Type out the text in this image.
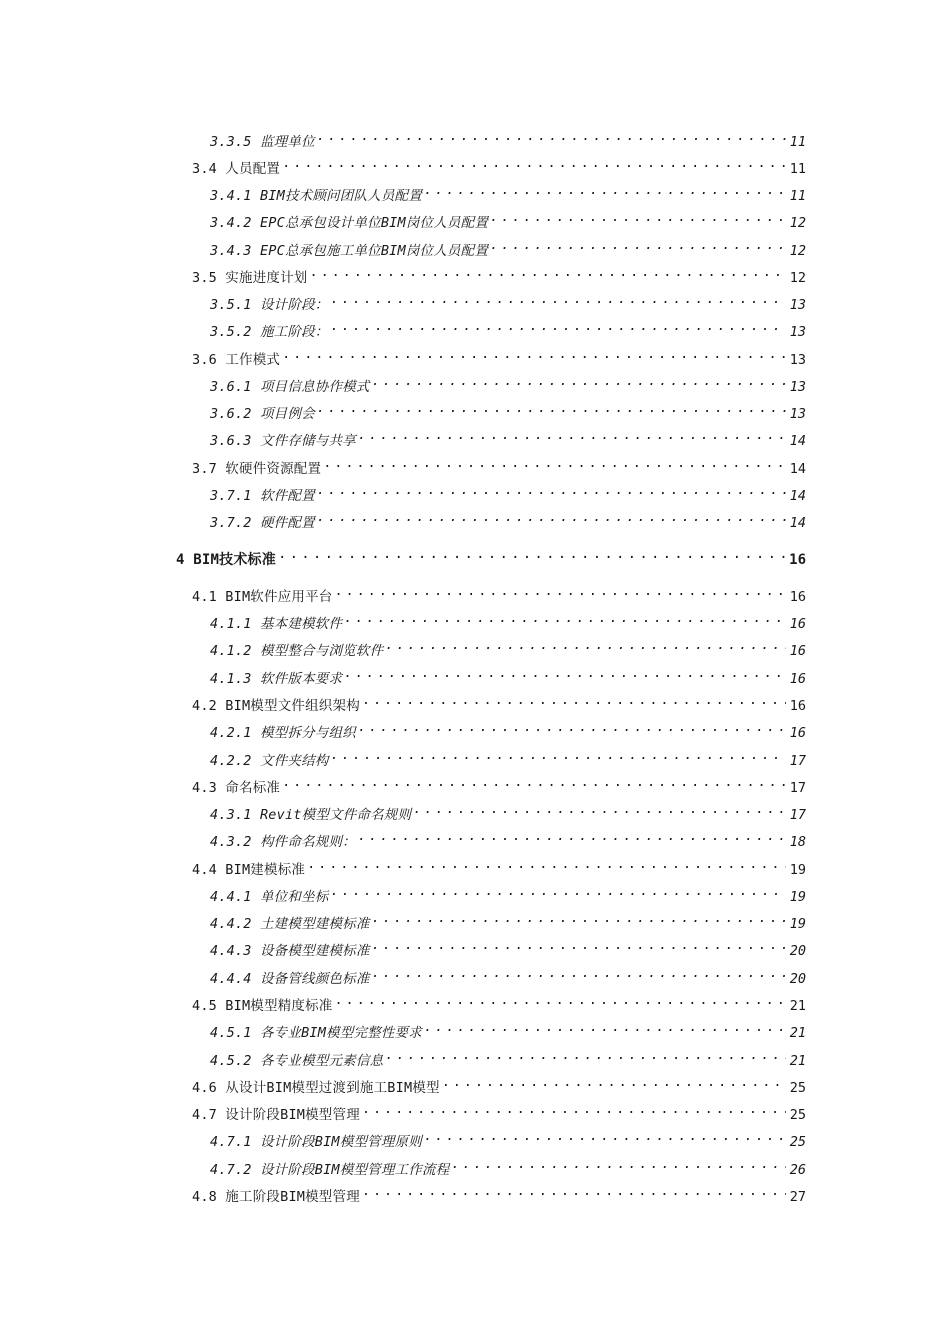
3.3.5 监理单位 . . .	11
3.4 人员配置 . . .	11
3.4.1 BIM技术顾问团队人员配置 . . .	11
3.4.2 EPC总承包设计单位BIM岗位人员配置 . . .	12
3.4.3 EPC总承包施工单位BIM岗位人员配置 . . .	12
3.5 实施进度计划 . . .	12
3.5.1 设计阶段： . . .	13
3.5.2 施工阶段： . . .	13
3.6 工作模式 . . .	13
3.6.1 项目信息协作模式 . . .	13
3.6.2 项目例会 . . .	13
3.6.3 文件存储与共享 . . .	14
3.7 软硬件资源配置 . . .	14
3.7.1 软件配置 . . .	14
3.7.2 硬件配置 . . .	14
4 BIM技术标准 . . .	16
4.1 BIM软件应用平台 . . .	16
4.1.1 基本建模软件 . . .	16
4.1.2 模型整合与浏览软件 . . .	16
4.1.3 软件版本要求 . . .	16
4.2 BIM模型文件组织架构 . . .	16
4.2.1 模型拆分与组织 . . .	16
4.2.2 文件夹结构 . . .	17
4.3 命名标准 . . .	17
4.3.1 Revit模型文件命名规则 . . .	17
4.3.2 构件命名规则： . . .	18
4.4 BIM建模标准 . . .	19
4.4.1 单位和坐标 . . .	19
4.4.2 土建模型建模标准 . . .	19
4.4.3 设备模型建模标准 . . .	20
4.4.4 设备管线颜色标准 . . .	20
4.5 BIM模型精度标准 . . .	21
4.5.1 各专业BIM模型完整性要求 . . .	21
4.5.2 各专业模型元素信息 . . .	21
4.6 从设计BIM模型过渡到施工BIM模型 . . .	25
4.7 设计阶段BIM模型管理 . . .	25
4.7.1 设计阶段BIM模型管理原则 . . .	25
4.7.2 设计阶段BIM模型管理工作流程 . . .	26
4.8 施工阶段BIM模型管理 . . .	27
